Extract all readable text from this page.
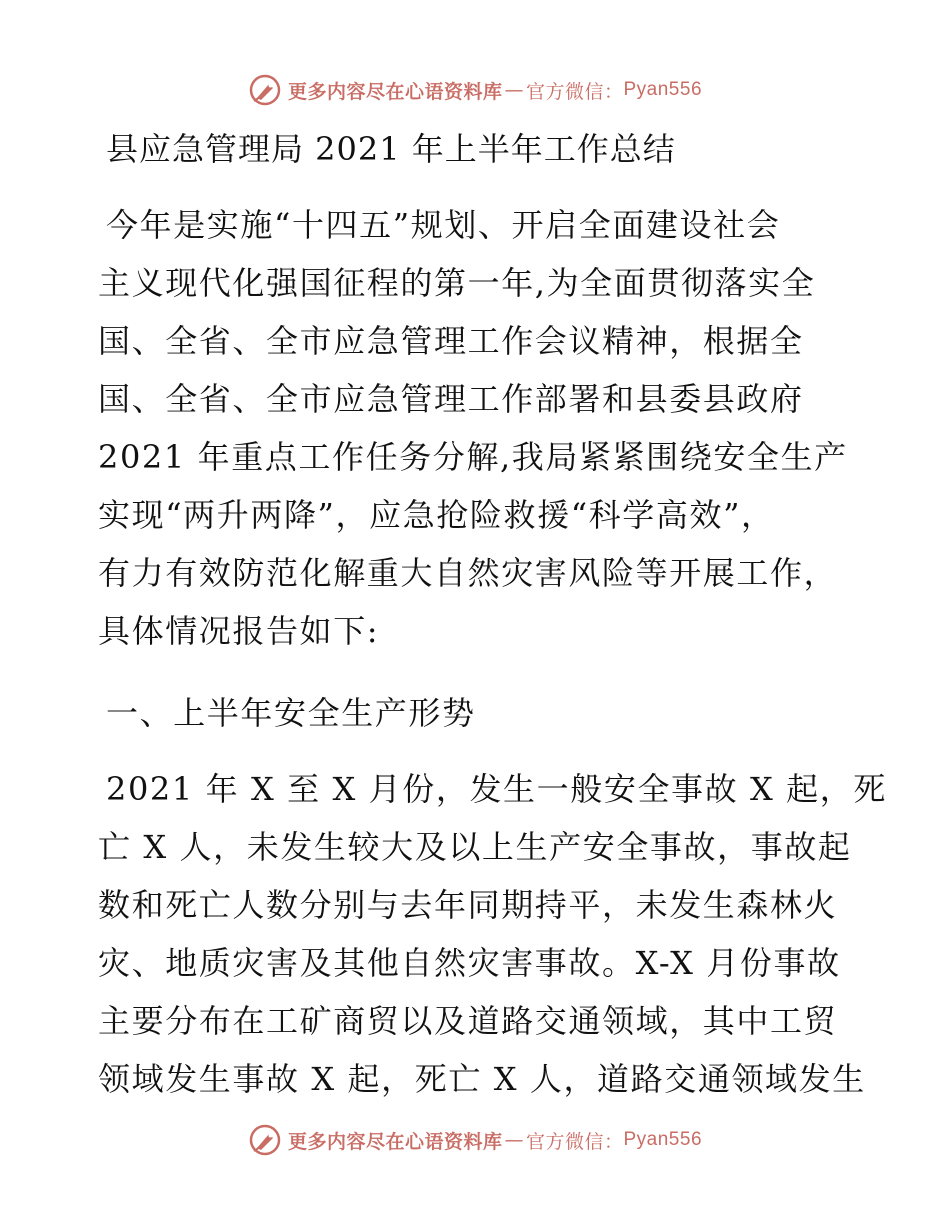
更多内容尽在心语资料库 — 官方微信： Pyan556
县应急管理局 2021 年上半年工作总结
今年是实施“十四五”规划、开启全面建设社会
主义现代化强国征程的第一年,为全面贯彻落实全
国、全省、全市应急管理工作会议精神，根据全
国、全省、全市应急管理工作部署和县委县政府
2021 年重点工作任务分解,我局紧紧围绕安全生产
实现“两升两降”，应急抢险救援“科学高效”，
有力有效防范化解重大自然灾害风险等开展工作，
具体情况报告如下:
一、上半年安全生产形势
2021 年 X 至 X 月份，发生一般安全事故 X 起，死
亡 X 人，未发生较大及以上生产安全事故，事故起
数和死亡人数分别与去年同期持平，未发生森林火
灾、地质灾害及其他自然灾害事故。X-X 月份事故
主要分布在工矿商贸以及道路交通领域，其中工贸
领域发生事故 X 起，死亡 X 人，道路交通领域发生
更多内容尽在心语资料库 — 官方微信： Pyan556
